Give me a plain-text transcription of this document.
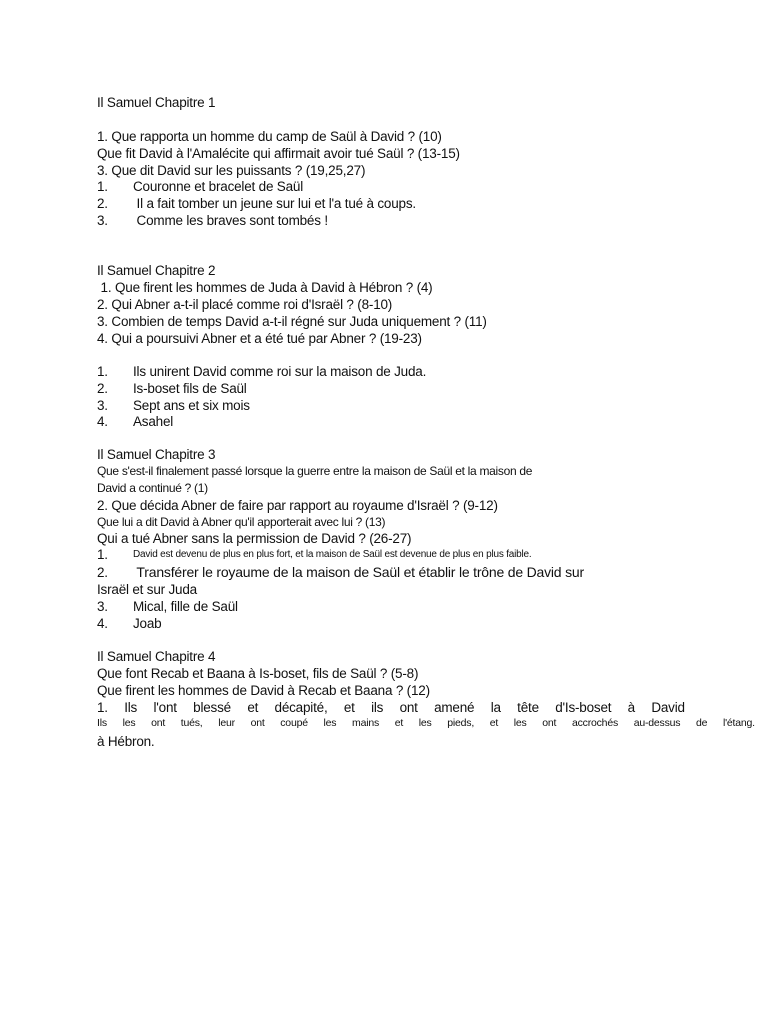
Il Samuel Chapitre 1
1. Que rapporta un homme du camp de Saül à David ? (10)
Que fit David à l'Amalécite qui affirmait avoir tué Saül ? (13-15)
3. Que dit David sur les puissants ? (19,25,27)
1. Couronne et bracelet de Saül
2. Il a fait tomber un jeune sur lui et l'a tué à coups.
3. Comme les braves sont tombés !
Il Samuel Chapitre 2
1. Que firent les hommes de Juda à David à Hébron ? (4)
2. Qui Abner a-t-il placé comme roi d'Israël ? (8-10)
3. Combien de temps David a-t-il régné sur Juda uniquement ? (11)
4. Qui a poursuivi Abner et a été tué par Abner ? (19-23)
1. Ils unirent David comme roi sur la maison de Juda.
2. Is-boset fils de Saül
3. Sept ans et six mois
4. Asahel
Il Samuel Chapitre 3
Que s'est-il finalement passé lorsque la guerre entre la maison de Saül et la maison de
David a continué ? (1)
2. Que décida Abner de faire par rapport au royaume d'Israël ? (9-12)
Que lui a dit David à Abner qu'il apporterait avec lui ? (13)
Qui a tué Abner sans la permission de David ? (26-27)
1.	$^{David est devenu de plus en plus fort, et la maison de Saül est devenue de plus en plus faible.}$
2. Transférer le royaume de la maison de Saül et établir le trône de David sur
Israël et sur Juda
3. Mical, fille de Saül
4. Joab
Il Samuel Chapitre 4
Que font Recab et Baana à Is-boset, fils de Saül ? (5-8)
Que firent les hommes de David à Recab et Baana ? (12)
1. Ils l'ont blessé et décapité, et ils ont amené la tête d'Is-boset à David
Ils les ont tués, leur ont coupé les mains et les pieds, et les ont accrochés au-dessus de l'étang.
à Hébron.
